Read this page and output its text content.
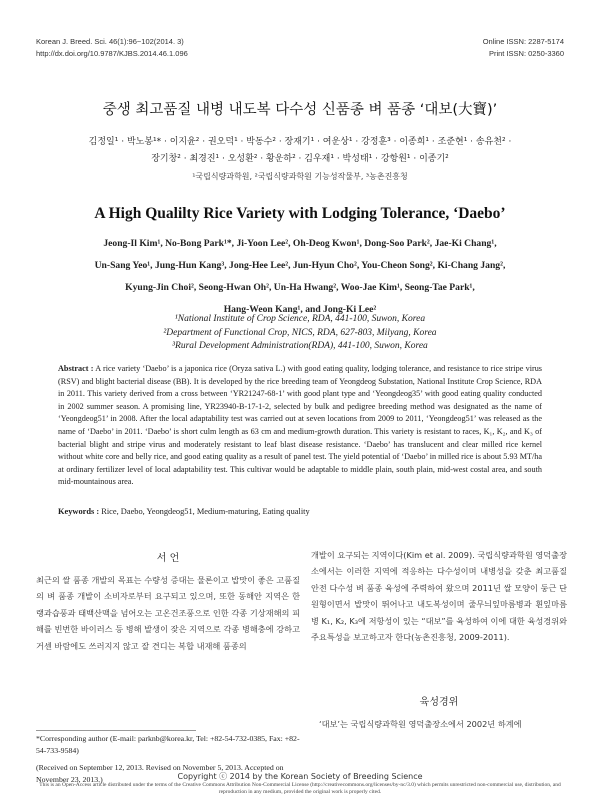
Korean J. Breed. Sci. 46(1):96~102(2014. 3)
http://dx.doi.org/10.9787/KJBS.2014.46.1.096
Online ISSN: 2287-5174
Print ISSN: 0250-3360
중생 최고품질 내병 내도복 다수성 신품종 벼 품종 ‘대보(大寶)’
김정일¹ · 박노봉¹* · 이지윤² · 권오덕¹ · 박동수² · 장재기¹ · 여운상¹ · 강정훈³ · 이종희¹ · 조준현¹ · 송유천² ·
장기창² · 최경진¹ · 오성환² · 황운하² · 김우재¹ · 박성태¹ · 강항원¹ · 이종기²
¹국립식량과학원, ²국립식량과학원 기능성작물부, ³농촌진흥청
A High Qualilty Rice Variety with Lodging Tolerance, ‘Daebo’
Jeong-Il Kim¹, No-Bong Park¹*, Ji-Yoon Lee², Oh-Deog Kwon¹, Dong-Soo Park², Jae-Ki Chang¹,
Un-Sang Yeo¹, Jung-Hun Kang³, Jong-Hee Lee², Jun-Hyun Cho², You-Cheon Song², Ki-Chang Jang²,
Kyung-Jin Choi², Seong-Hwan Oh², Un-Ha Hwang², Woo-Jae Kim¹, Seong-Tae Park¹,
Hang-Weon Kang¹, and Jong-Ki Lee²
¹National Institute of Crop Science, RDA, 441-100, Suwon, Korea
²Department of Functional Crop, NICS, RDA, 627-803, Milyang, Korea
³Rural Development Administration(RDA), 441-100, Suwon, Korea
Abstract : A rice variety ‘Daebo’ is a japonica rice (Oryza sativa L.) with good eating quality, lodging tolerance, and resistance to rice stripe virus (RSV) and blight bacterial disease (BB). It is developed by the rice breeding team of Yeongdeog Substation, National Institute Crop Science, RDA in 2011. This variety derived from a cross between ‘YR21247-68-1’ with good plant type and ‘Yeongdeog35’ with good eating quality conducted in 2002 summer season. A promising line, YR23940-B-17-1-2, selected by bulk and pedigree breeding method was designated as the name of ‘Yeongdeog51’ in 2008. After the local adaptability test was carried out at seven locations from 2009 to 2011, ‘Yeongdeog51’ was released as the name of ‘Daebo’ in 2011. ‘Daebo’ is short culm length as 63 cm and medium-growth duration. This variety is resistant to races, K₁, K₂, and K₃ of bacterial blight and stripe virus and moderately resistant to leaf blast disease resistance. ‘Daebo’ has translucent and clear milled rice kernel without white core and belly rice, and good eating quality as a result of panel test. The yield potential of ‘Daebo’ in milled rice is about 5.93 MT/ha at ordinary fertilizer level of local adaptability test. This cultivar would be adaptable to middle plain, south plain, mid-west costal area, and south mid-mountainous area.
Keywords : Rice, Daebo, Yeongdeog51, Medium-maturing, Eating quality
서 언
최근의 쌀 품종 개발의 목표는 수량성 증대는 물론이고 밥맛이 좋은 고품질의 벼 품종 개발이 소비자로부터 요구되고 있으며, 또한 동해안 지역은 한랭과습풍과 태백산맥을 넘어오는 고온건조풍으로 인한 각종 기상재해의 피해를 빈번한 바이러스 등 병해 발생이 잦은 지역으로 각종 병해충에 강하고 거센 바람에도 쓰러지지 않고 잘 견디는 복합 내재해 품종의
*Corresponding author (E-mail: parknb@korea.kr, Tel: +82-54-732-0385, Fax: +82-54-733-9584)
(Received on September 12, 2013. Revised on November 5, 2013. Accepted on November 23, 2013.)
개발이 요구되는 지역이다(Kim et al. 2009). 국립식량과학원 영덕출장소에서는 이러한 지역에 적응하는 다수성이며 내병성을 갖춘 최고품질 안전 다수성 벼 품종 육성에 주력하여 왔으며 2011년 쌀 모양이 둥근 단원형이면서 밥맛이 뛰어나고 내도복성이며 줄무늬잎마름병과 흰잎마름병 K₁, K₂, K₃에 저항성이 있는 “대보”를 육성하여 이에 대한 육성경위와 주요특성을 보고하고자 한다(농촌진흥청, 2009-2011).
육성경위
‘대보’는 국립식량과학원 영덕출장소에서 2002년 하계에
Copyright ⓒ 2014 by the Korean Society of Breeding Science
This is an Open-Access article distributed under the terms of the Creative Commons Attribution Non-Commercial License (http://creativecommons.org/licenses/by-nc/3.0) which permits unrestricted non-commercial use, distribution, and reproduction in any medium, provided the original work is properly cited.
